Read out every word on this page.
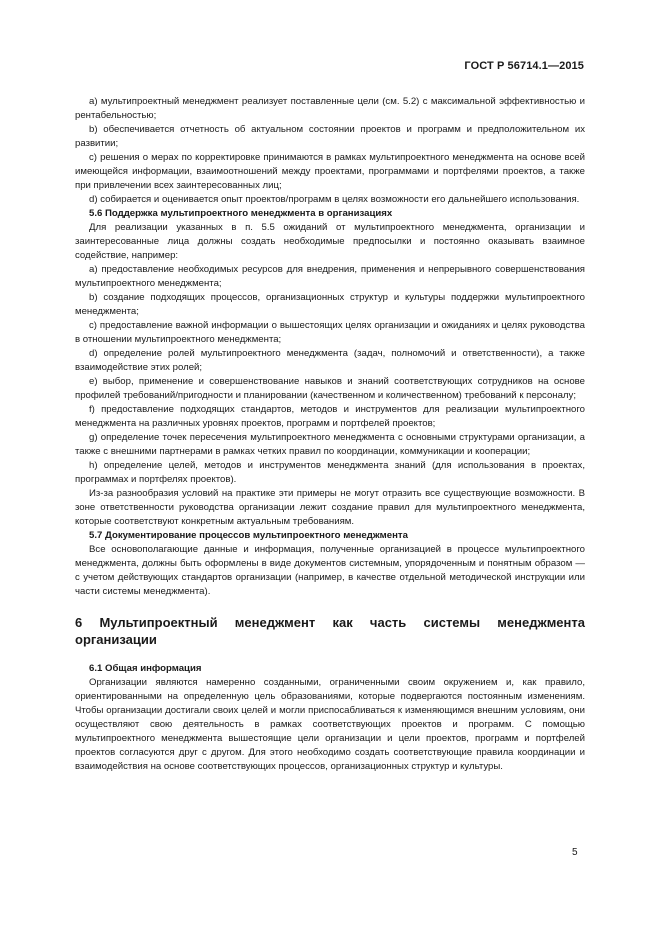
ГОСТ Р 56714.1—2015

a) мультипроектный менеджмент реализует поставленные цели (см. 5.2) с максимальной эффективностью и рентабельностью;

b) обеспечивается отчетность об актуальном состоянии проектов и программ и предположительном их развитии;

c) решения о мерах по корректировке принимаются в рамках мультипроектного менеджмента на основе всей имеющейся информации, взаимоотношений между проектами, программами и портфелями проектов, а также при привлечении всех заинтересованных лиц;

d) собирается и оценивается опыт проектов/программ в целях возможности его дальнейшего использования.

5.6 Поддержка мультипроектного менеджмента в организациях

Для реализации указанных в п. 5.5 ожиданий от мультипроектного менеджмента, организации и заинтересованные лица должны создать необходимые предпосылки и постоянно оказывать взаимное содействие, например:

a) предоставление необходимых ресурсов для внедрения, применения и непрерывного совершенствования мультипроектного менеджмента;

b) создание подходящих процессов, организационных структур и культуры поддержки мультипроектного менеджмента;

c) предоставление важной информации о вышестоящих целях организации и ожиданиях и целях руководства в отношении мультипроектного менеджмента;

d) определение ролей мультипроектного менеджмента (задач, полномочий и ответственности), а также взаимодействие этих ролей;

e) выбор, применение и совершенствование навыков и знаний соответствующих сотрудников на основе профилей требований/пригодности и планировании (качественном и количественном) требований к персоналу;

f) предоставление подходящих стандартов, методов и инструментов для реализации мультипроектного менеджмента на различных уровнях проектов, программ и портфелей проектов;

g) определение точек пересечения мультипроектного менеджмента с основными структурами организации, а также с внешними партнерами в рамках четких правил по координации, коммуникации и кооперации;

h) определение целей, методов и инструментов менеджмента знаний (для использования в проектах, программах и портфелях проектов).

Из-за разнообразия условий на практике эти примеры не могут отразить все существующие возможности. В зоне ответственности руководства организации лежит создание правил для мультипроектного менеджмента, которые соответствуют конкретным актуальным требованиям.

5.7 Документирование процессов мультипроектного менеджмента

Все основополагающие данные и информация, полученные организацией в процессе мультипроектного менеджмента, должны быть оформлены в виде документов системным, упорядоченным и понятным образом — с учетом действующих стандартов организации (например, в качестве отдельной методической инструкции или части системы менеджмента).

6 Мультипроектный менеджмент как часть системы менеджмента организации

6.1 Общая информация

Организации являются намеренно созданными, ограниченными своим окружением и, как правило, ориентированными на определенную цель образованиями, которые подвергаются постоянным изменениям. Чтобы организации достигали своих целей и могли приспосабливаться к изменяющимся внешним условиям, они осуществляют свою деятельность в рамках соответствующих проектов и программ. С помощью мультипроектного менеджмента вышестоящие цели организации и цели проектов, программ и портфелей проектов согласуются друг с другом. Для этого необходимо создать соответствующие правила координации и взаимодействия на основе соответствующих процессов, организационных структур и культуры.

5
